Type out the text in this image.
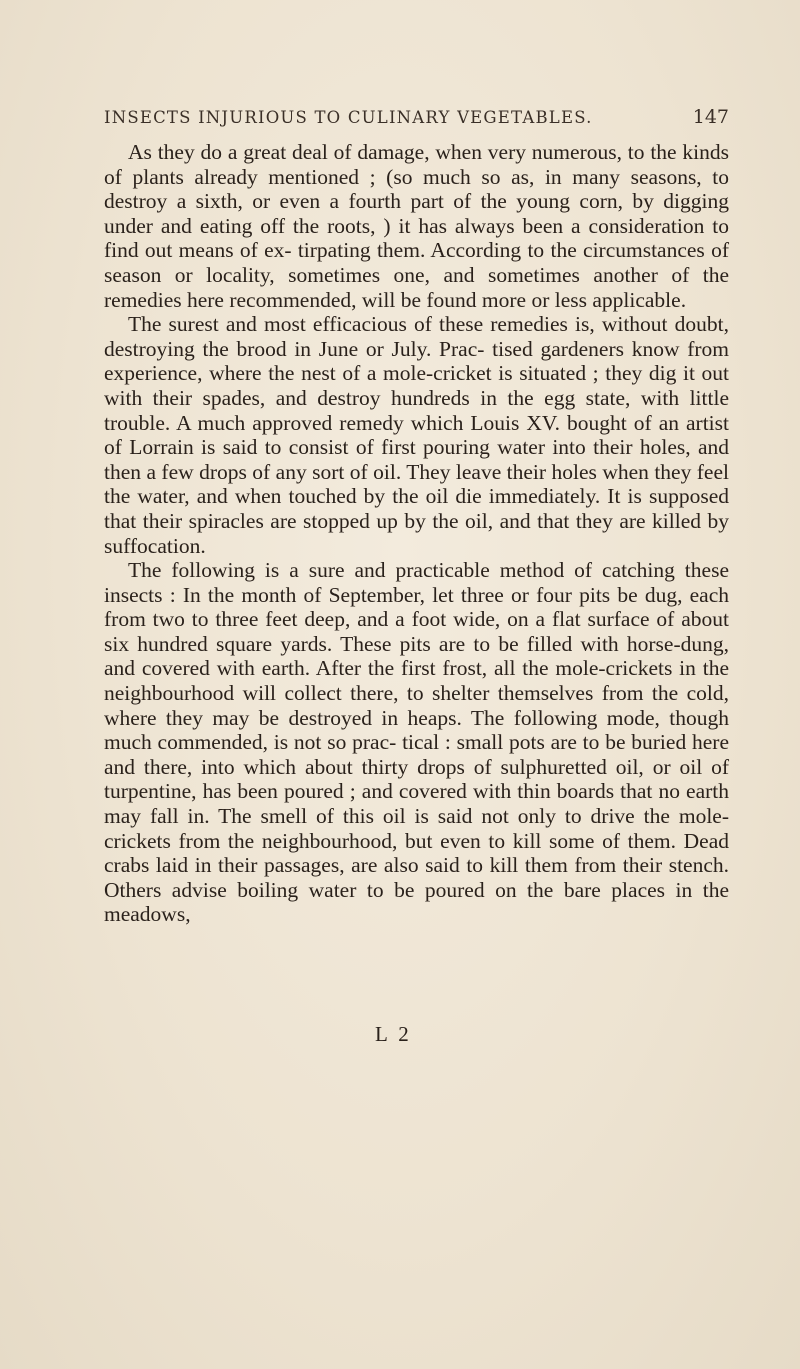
INSECTS INJURIOUS TO CULINARY VEGETABLES.	147

As they do a great deal of damage, when very numerous, to the kinds of plants already mentioned ; (so much so as, in many seasons, to destroy a sixth, or even a fourth part of the young corn, by digging under and eating off the roots, ) it has always been a consideration to find out means of ex- tirpating them. According to the circumstances of season or locality, sometimes one, and sometimes another of the remedies here recommended, will be found more or less applicable.

The surest and most efficacious of these remedies is, without doubt, destroying the brood in June or July. Prac- tised gardeners know from experience, where the nest of a mole-cricket is situated ; they dig it out with their spades, and destroy hundreds in the egg state, with little trouble. A much approved remedy which Louis XV. bought of an artist of Lorrain is said to consist of first pouring water into their holes, and then a few drops of any sort of oil. They leave their holes when they feel the water, and when touched by the oil die immediately. It is supposed that their spiracles are stopped up by the oil, and that they are killed by suffocation.

The following is a sure and practicable method of catching these insects : In the month of September, let three or four pits be dug, each from two to three feet deep, and a foot wide, on a flat surface of about six hundred square yards. These pits are to be filled with horse-dung, and covered with earth. After the first frost, all the mole-crickets in the neighbourhood will collect there, to shelter themselves from the cold, where they may be destroyed in heaps. The following mode, though much commended, is not so prac- tical : small pots are to be buried here and there, into which about thirty drops of sulphuretted oil, or oil of turpentine, has been poured ; and covered with thin boards that no earth may fall in. The smell of this oil is said not only to drive the mole-crickets from the neighbourhood, but even to kill some of them. Dead crabs laid in their passages, are also said to kill them from their stench. Others advise boiling water to be poured on the bare places in the meadows,

L 2
